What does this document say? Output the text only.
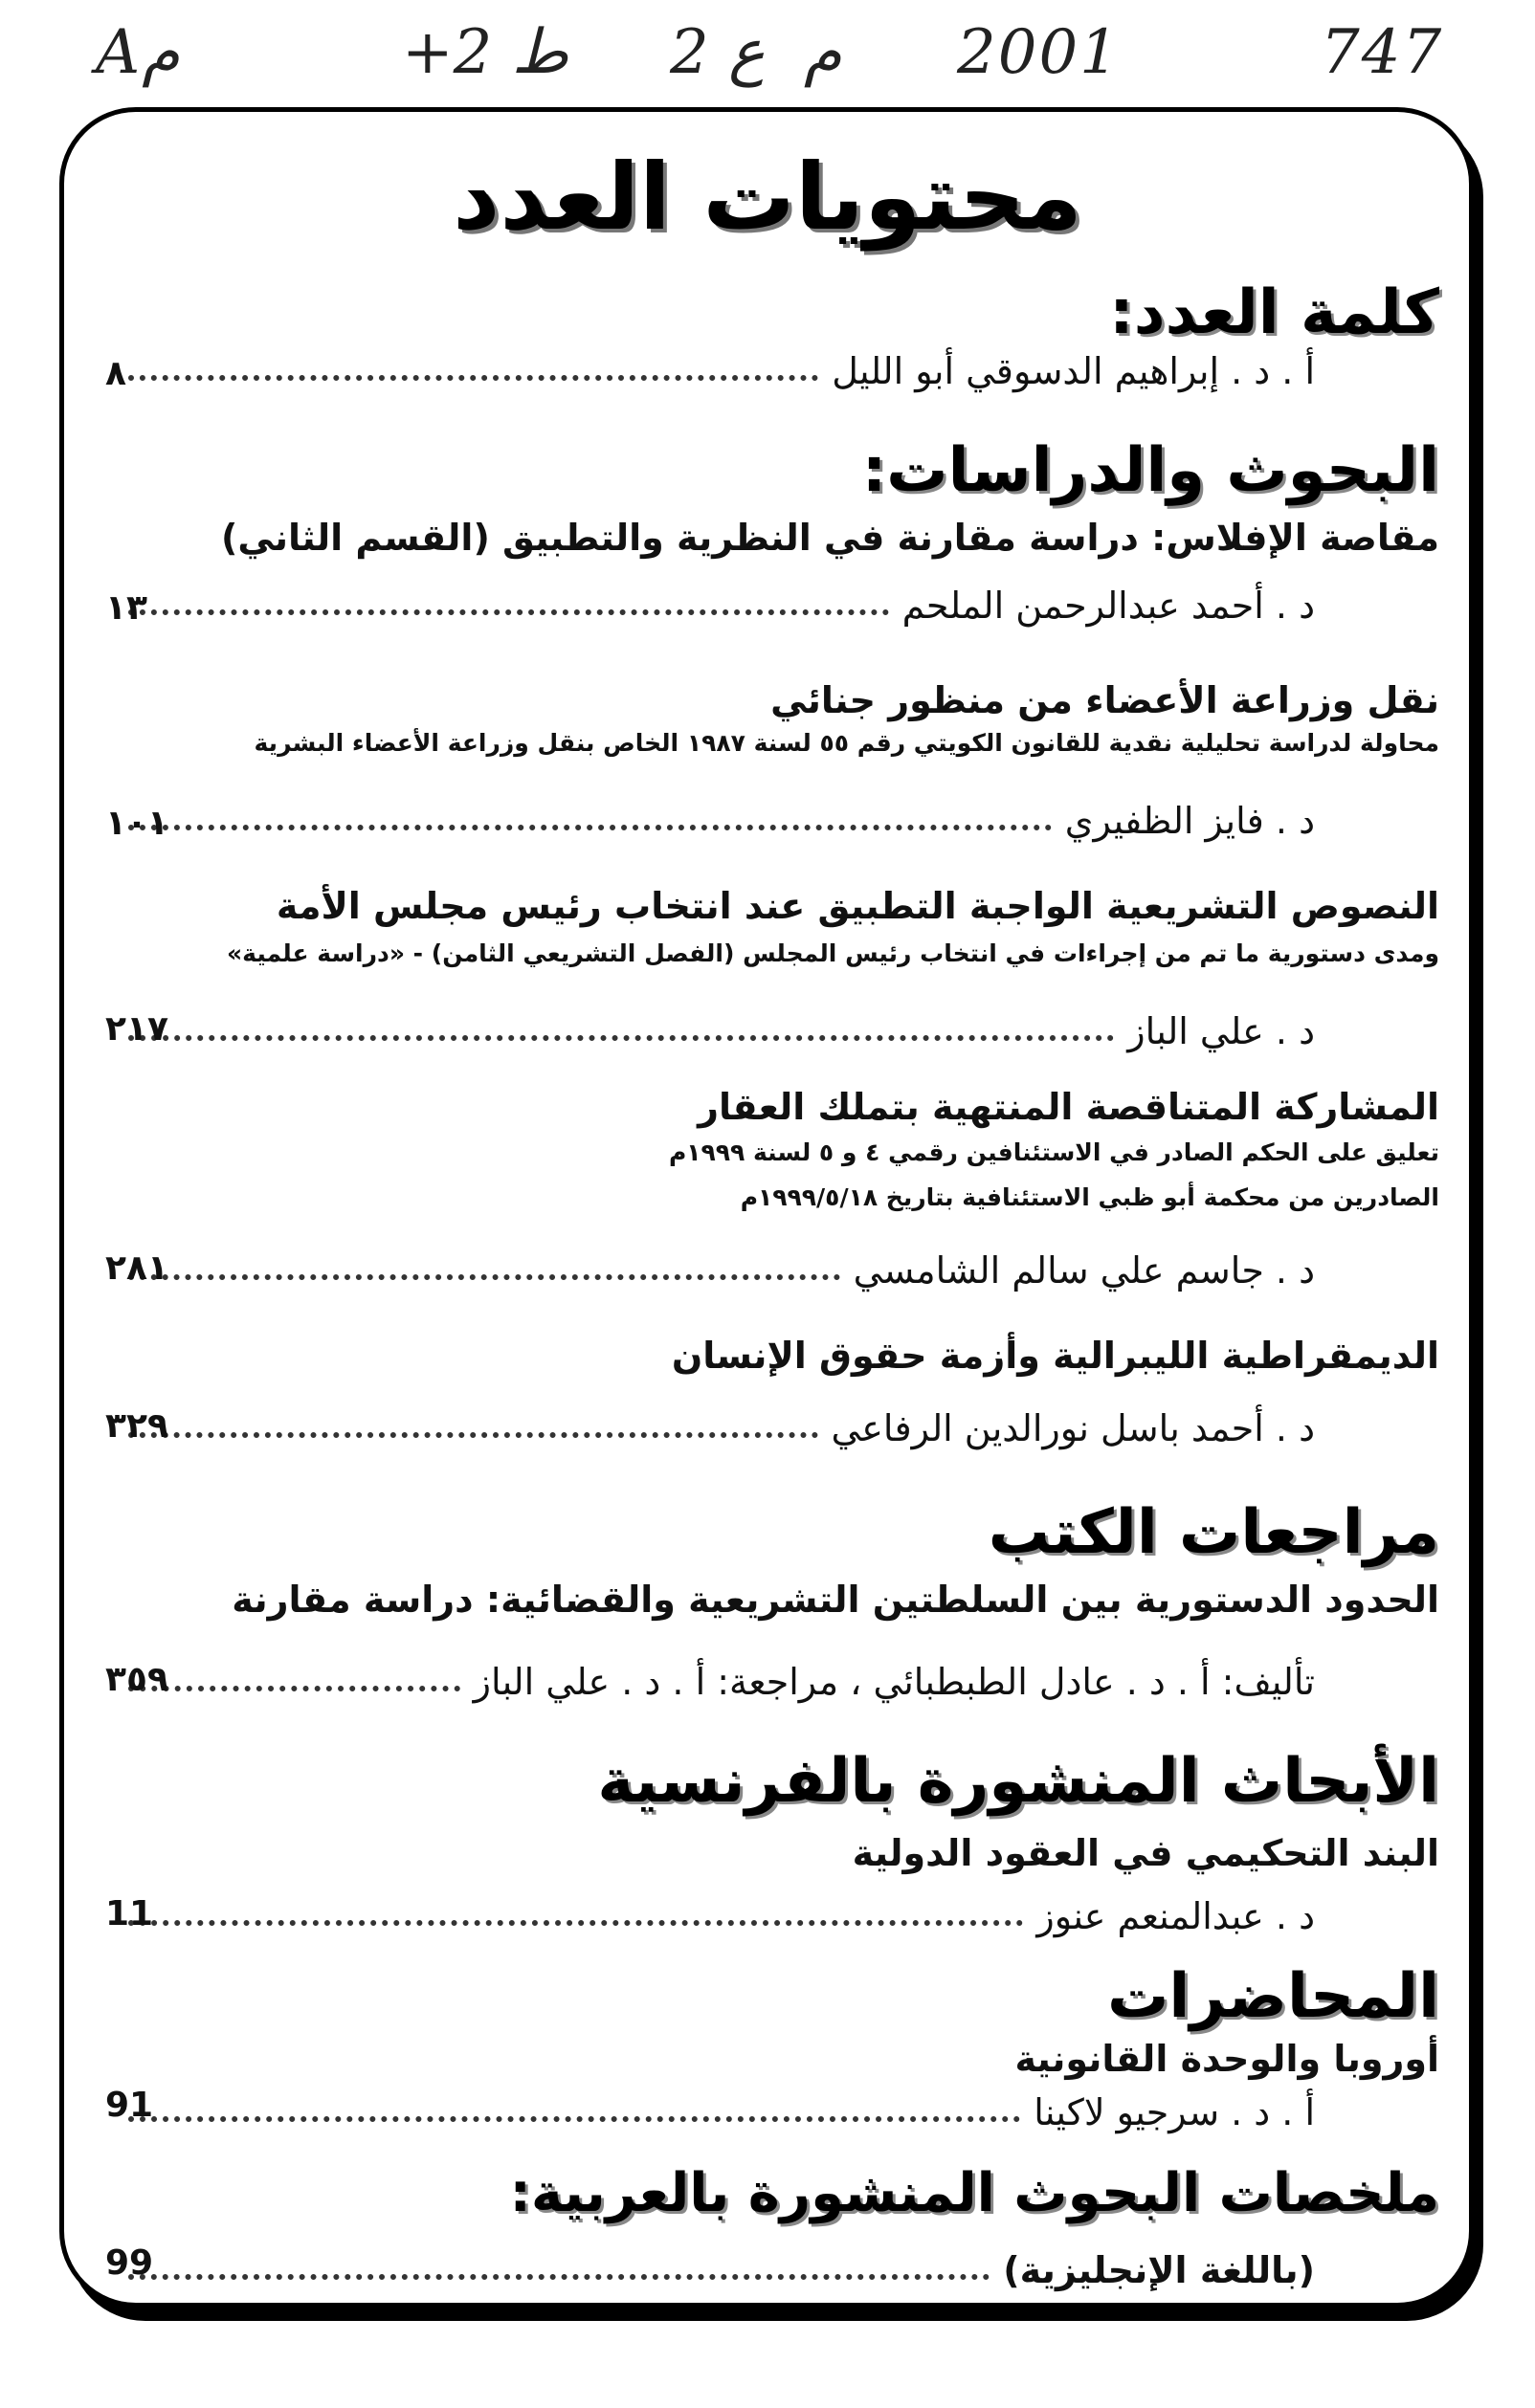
Aم	+2 ط 2 ع م 2001	747
محتويات العدد
كلمة العدد:
أ . د . إبراهيم الدسوقي أبو الليل
٨
البحوث والدراسات:
مقاصة الإفلاس: دراسة مقارنة في النظرية والتطبيق (القسم الثاني)
د . أحمد عبدالرحمن الملحم
١٣
نقل وزراعة الأعضاء من منظور جنائي
محاولة لدراسة تحليلية نقدية للقانون الكويتي رقم ٥٥ لسنة ١٩٨٧ الخاص بنقل وزراعة الأعضاء البشرية
د . فايز الظفيري
١٠١
النصوص التشريعية الواجبة التطبيق عند انتخاب رئيس مجلس الأمة
ومدى دستورية ما تم من إجراءات في انتخاب رئيس المجلس (الفصل التشريعي الثامن) - «دراسة علمية»
د . علي الباز
٢١٧
المشاركة المتناقصة المنتهية بتملك العقار
تعليق على الحكم الصادر في الاستئنافين رقمي ٤ و ٥ لسنة ١٩٩٩م
الصادرين من محكمة أبو ظبي الاستئنافية بتاريخ ١٩٩٩/٥/١٨م
د . جاسم علي سالم الشامسي
٢٨١
الديمقراطية الليبرالية وأزمة حقوق الإنسان
د . أحمد باسل نورالدين الرفاعي
٣٢٩
مراجعات الكتب
الحدود الدستورية بين السلطتين التشريعية والقضائية: دراسة مقارنة
تأليف: أ . د . عادل الطبطبائي ، مراجعة: أ . د . علي الباز
٣٥٩
الأبحاث المنشورة بالفرنسية
البند التحكيمي في العقود الدولية
د . عبدالمنعم عنوز
11
المحاضرات
أوروبا والوحدة القانونية
أ . د . سرجيو لاكينا
91
ملخصات البحوث المنشورة بالعربية:
(باللغة الإنجليزية)
99
